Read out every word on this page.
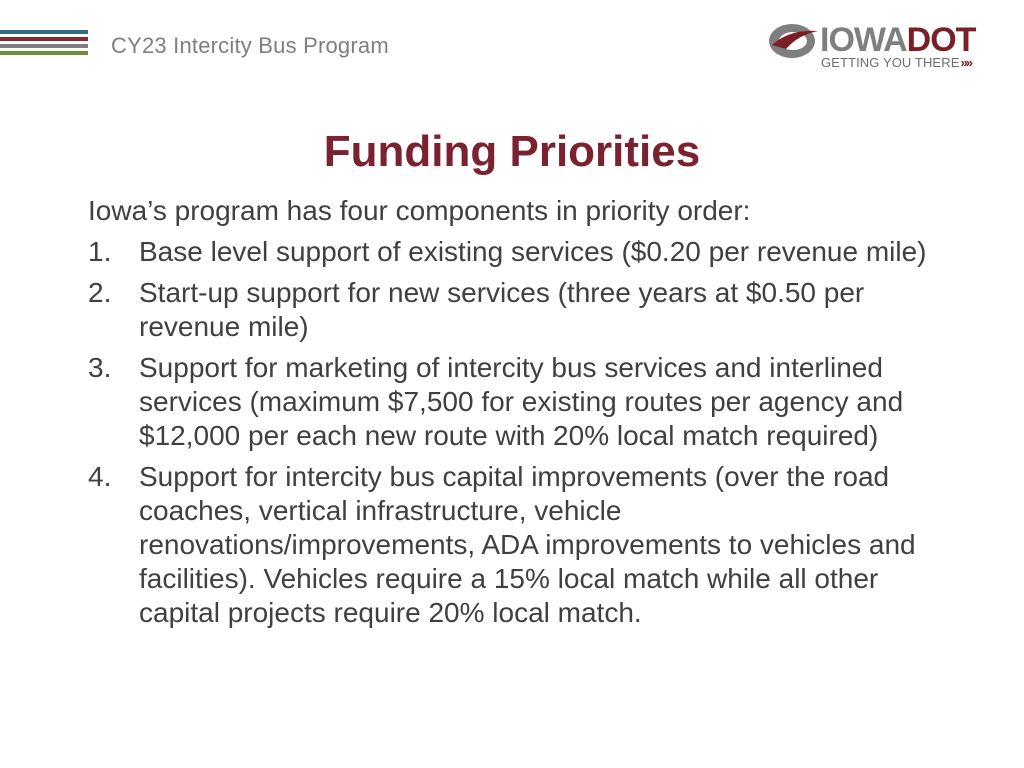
CY23 Intercity Bus Program	IOWADOT
GETTING YOU THERE»»
Funding Priorities

Iowa’s program has four components in priority order:

1. Base level support of existing services ($0.20 per revenue mile)
2. Start-up support for new services (three years at $0.50 per revenue mile)
3. Support for marketing of intercity bus services and interlined services (maximum $7,500 for existing routes per agency and $12,000 per each new route with 20% local match required)
4. Support for intercity bus capital improvements (over the road coaches, vertical infrastructure, vehicle renovations/improvements, ADA improvements to vehicles and facilities). Vehicles require a 15% local match while all other capital projects require 20% local match.
